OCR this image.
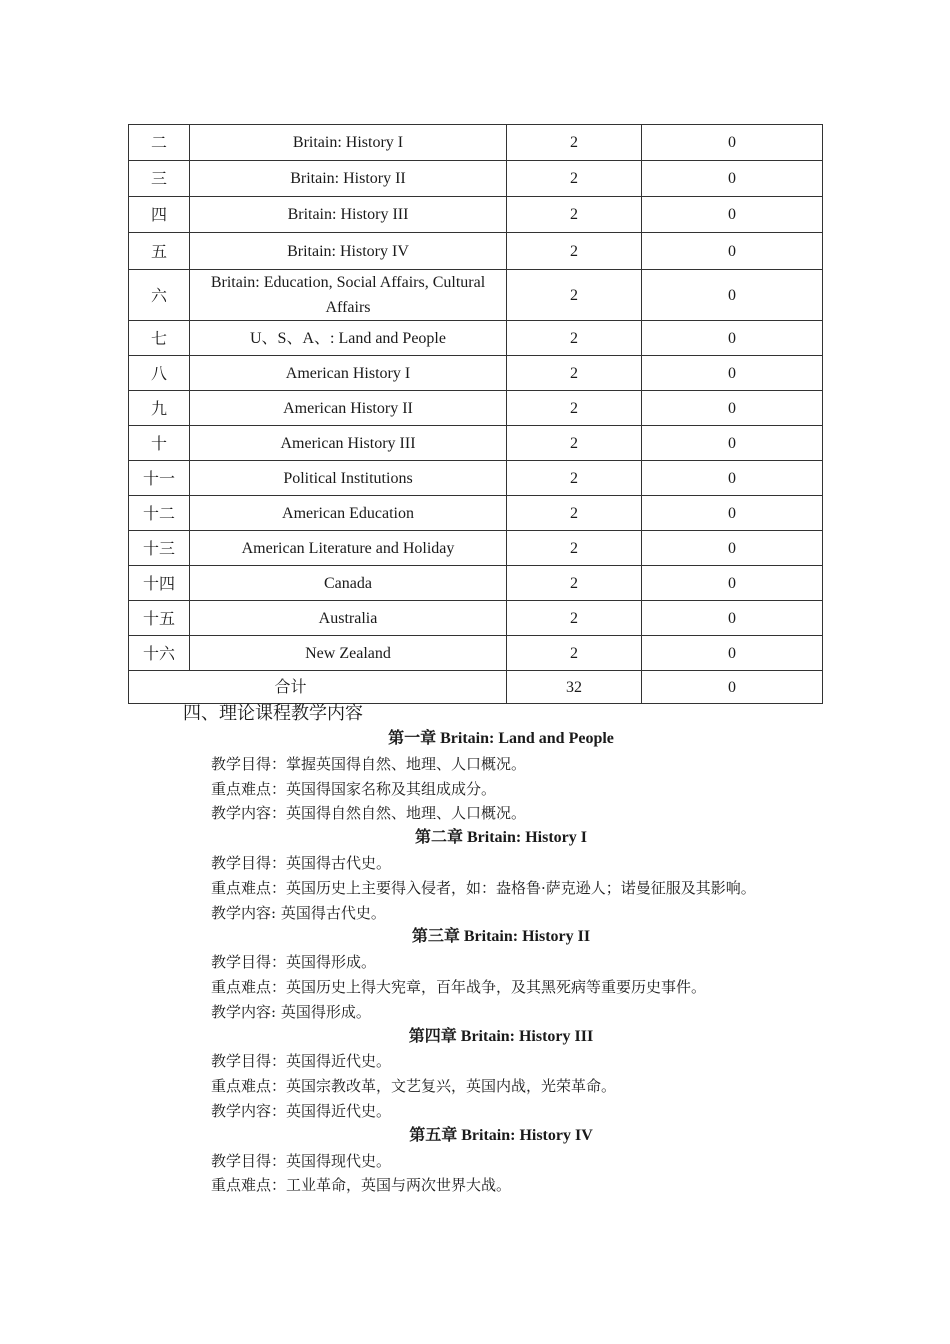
二	Britain: History I	2	0
三	Britain: History II	2	0
四	Britain: History III	2	0
五	Britain: History IV	2	0
六	Britain: Education, Social Affairs, Cultural Affairs	2	0
七	U、S、A、: Land and People	2	0
八	American History I	2	0
九	American History II	2	0
十	American History III	2	0
十一	Political Institutions	2	0
十二	American Education	2	0
十三	American Literature and Holiday	2	0
十四	Canada	2	0
十五	Australia	2	0
十六	New Zealand	2	0
合计		32	0
四、理论课程教学内容
第一章 Britain: Land and People
教学目得：掌握英国得自然、地理、人口概况。
重点难点：英国得国家名称及其组成成分。
教学内容：英国得自然自然、地理、人口概况。
第二章 Britain: History I
教学目得：英国得古代史。
重点难点：英国历史上主要得入侵者，如：盎格鲁·萨克逊人；诺曼征服及其影响。
教学内容: 英国得古代史。
第三章 Britain: History II
教学目得：英国得形成。
重点难点：英国历史上得大宪章，百年战争，及其黑死病等重要历史事件。
教学内容: 英国得形成。
第四章 Britain: History III
教学目得：英国得近代史。
重点难点：英国宗教改革，文艺复兴，英国内战，光荣革命。
教学内容：英国得近代史。
第五章 Britain: History IV
教学目得：英国得现代史。
重点难点：工业革命，英国与两次世界大战。
